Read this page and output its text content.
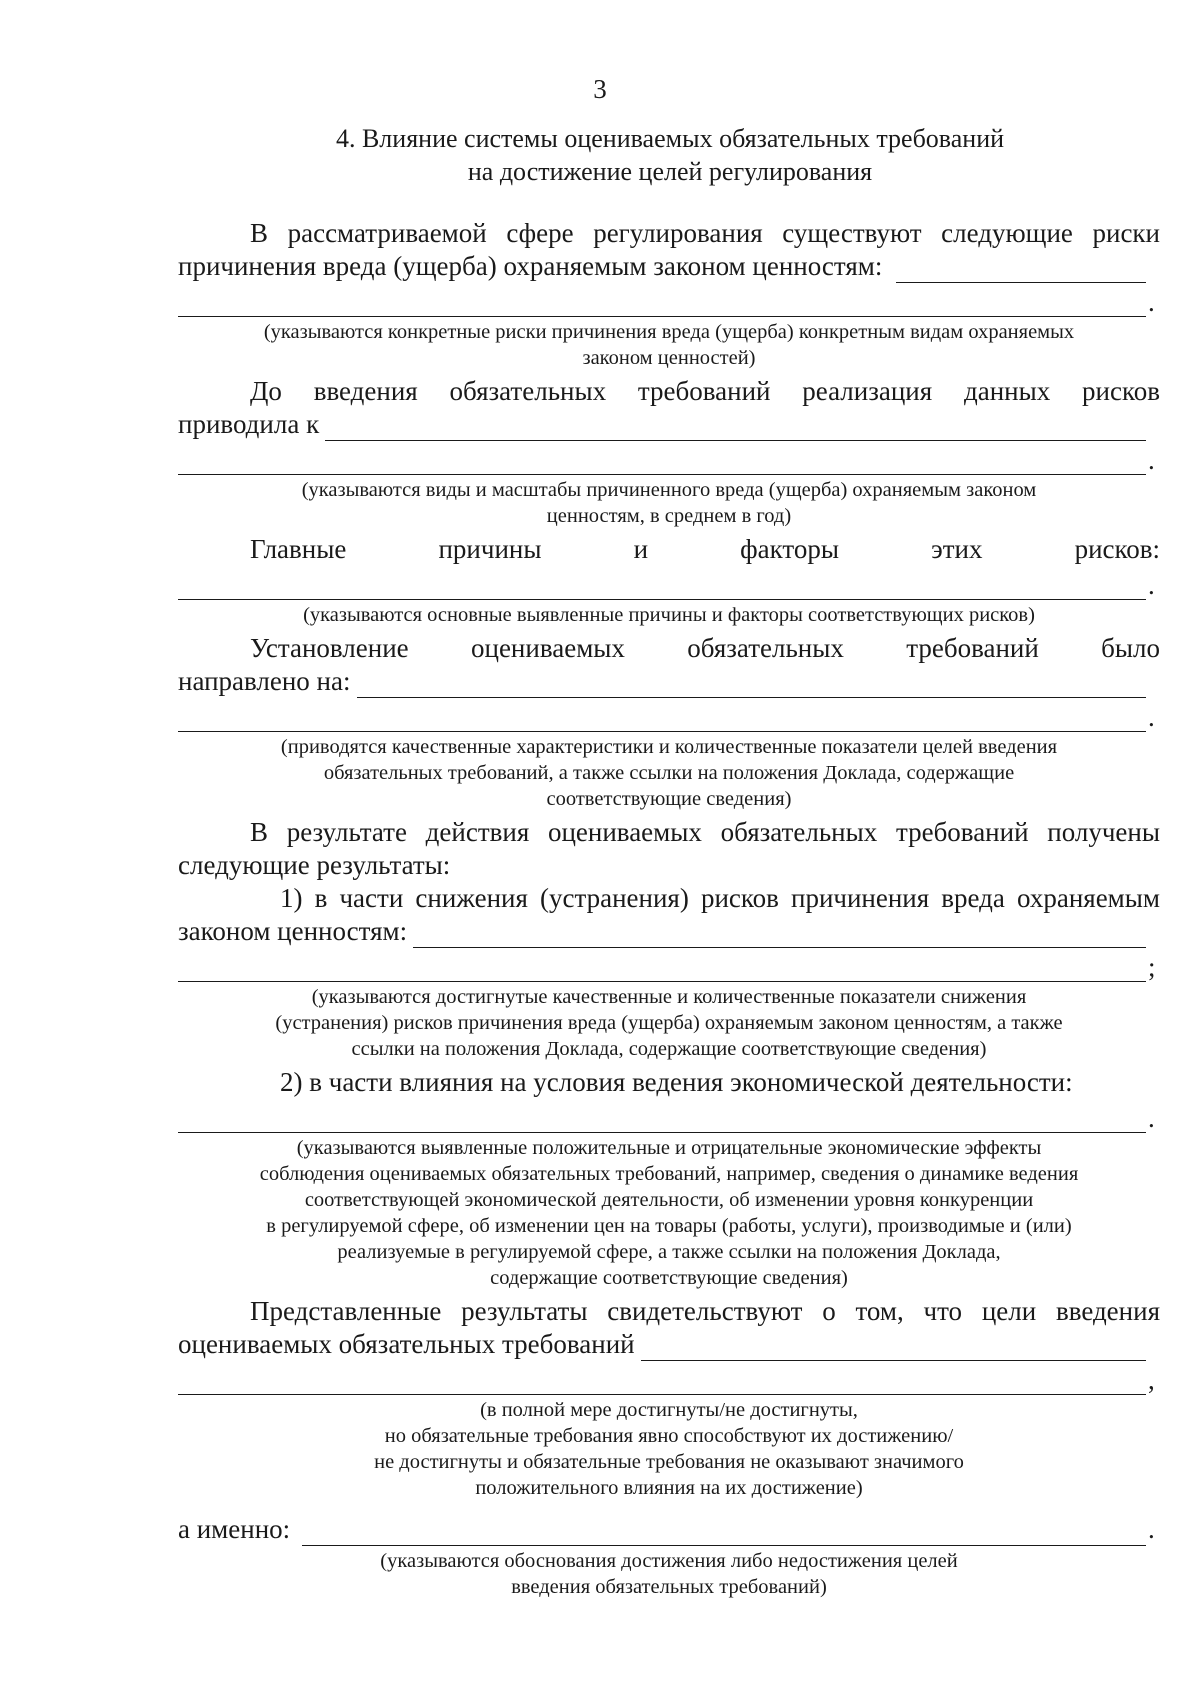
3
4. Влияние системы оцениваемых обязательных требований
на достижение целей регулирования

В рассматриваемой сфере регулирования существуют следующие риски

причинения вреда (ущерба) охраняемым законом ценностям:
.
(указываются конкретные риски причинения вреда (ущерба) конкретным видам охраняемых
законом ценностей)
До введения обязательных требований реализация данных рисков
приводила к
.
(указываются виды и масштабы причиненного вреда (ущерба) охраняемым законом
ценностям, в среднем в год)
Главные	причины	и	факторы	этих	рисков:
.
(указываются основные выявленные причины и факторы соответствующих рисков)
Установление оцениваемых обязательных требований было
направлено на:
.
(приводятся качественные характеристики и количественные показатели целей введения
обязательных требований, а также ссылки на положения Доклада, содержащие
соответствующие сведения)

В результате действия оцениваемых обязательных требований получены

следующие результаты:

1) в части снижения (устранения) рисков причинения вреда охраняемым

законом ценностям:
;
(указываются достигнутые качественные и количественные показатели снижения
(устранения) рисков причинения вреда (ущерба) охраняемым законом ценностям, а также
ссылки на положения Доклада, содержащие соответствующие сведения)
2) в части влияния на условия ведения экономической деятельности:
.
(указываются выявленные положительные и отрицательные экономические эффекты
соблюдения оцениваемых обязательных требований, например, сведения о динамике ведения
соответствующей экономической деятельности, об изменении уровня конкуренции
в регулируемой сфере, об изменении цен на товары (работы, услуги), производимые и (или)
реализуемые в регулируемой сфере, а также ссылки на положения Доклада,
содержащие соответствующие сведения)

Представленные результаты свидетельствуют о том, что цели введения

оцениваемых обязательных требований
,
(в полной мере достигнуты/не достигнуты,
но обязательные требования явно способствуют их достижению/
не достигнуты и обязательные требования не оказывают значимого
положительного влияния на их достижение)
а именно:	.
(указываются обоснования достижения либо недостижения целей
введения обязательных требований)
